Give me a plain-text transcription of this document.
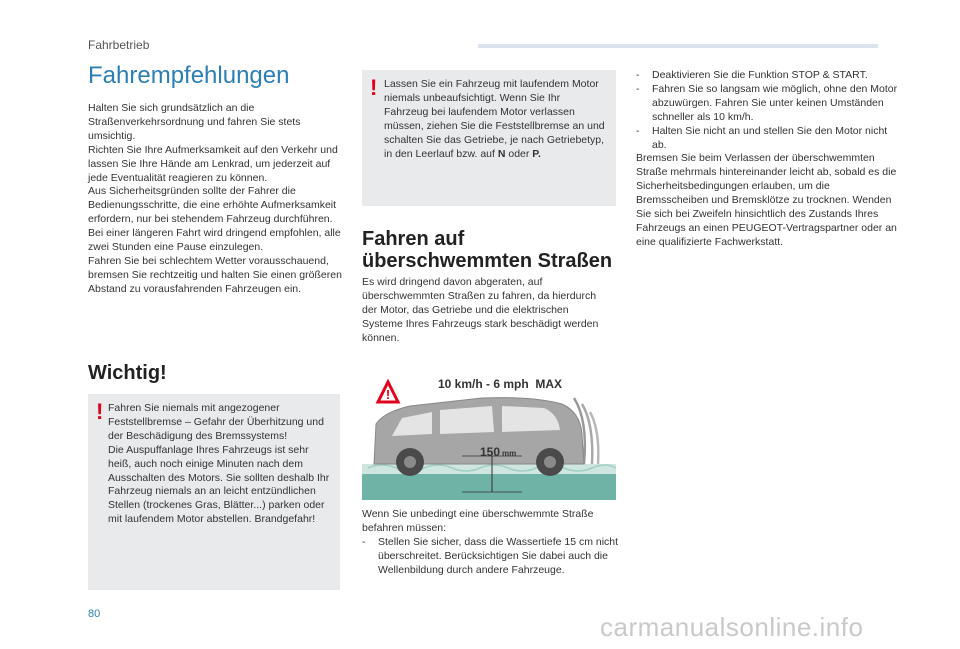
Fahrbetrieb
Fahrempfehlungen

Halten Sie sich grundsätzlich an die Straßenverkehrsordnung und fahren Sie stets umsichtig.

Richten Sie Ihre Aufmerksamkeit auf den Verkehr und lassen Sie Ihre Hände am Lenkrad, um jederzeit auf jede Eventualität reagieren zu können.

Aus Sicherheitsgründen sollte der Fahrer die Bedienungsschritte, die eine erhöhte Aufmerksamkeit erfordern, nur bei stehendem Fahrzeug durchführen.

Bei einer längeren Fahrt wird dringend empfohlen, alle zwei Stunden eine Pause einzulegen.

Fahren Sie bei schlechtem Wetter vorausschauend, bremsen Sie rechtzeitig und halten Sie einen größeren Abstand zu vorausfahrenden Fahrzeugen ein.

Wichtig!
! Fahren Sie niemals mit angezogener Feststellbremse – Gefahr der Überhitzung und der Beschädigung des Bremssystems!

Die Auspuffanlage Ihres Fahrzeugs ist sehr heiß, auch noch einige Minuten nach dem Ausschalten des Motors. Sie sollten deshalb Ihr Fahrzeug niemals an an leicht entzündlichen Stellen (trockenes Gras, Blätter...) parken oder mit laufendem Motor abstellen. Brandgefahr!

! Lassen Sie ein Fahrzeug mit laufendem Motor niemals unbeaufsichtigt. Wenn Sie Ihr Fahrzeug bei laufendem Motor verlassen müssen, ziehen Sie die Feststellbremse an und schalten Sie das Getriebe, je nach Getriebetyp, in den Leerlauf bzw. auf N oder P.

Fahren auf
überschwemmten Straßen

Es wird dringend davon abgeraten, auf überschwemmten Straßen zu fahren, da hierdurch der Motor, das Getriebe und die elektrischen Systeme Ihres Fahrzeugs stark beschädigt werden können.

!
10 km/h - 6 mph  MAX
150 mm

Wenn Sie unbedingt eine überschwemmte Straße befahren müssen:

- Stellen Sie sicher, dass die Wassertiefe 15 cm nicht überschreitet. Berücksichtigen Sie dabei auch die Wellenbildung durch andere Fahrzeuge.

- Deaktivieren Sie die Funktion STOP & START.

- Fahren Sie so langsam wie möglich, ohne den Motor abzuwürgen. Fahren Sie unter keinen Umständen schneller als 10 km/h.

- Halten Sie nicht an und stellen Sie den Motor nicht ab.

Bremsen Sie beim Verlassen der überschwemmten Straße mehrmals hintereinander leicht ab, sobald es die Sicherheitsbedingungen erlauben, um die Bremsscheiben und Bremsklötze zu trocknen. Wenden Sie sich bei Zweifeln hinsichtlich des Zustands Ihres Fahrzeugs an einen PEUGEOT-Vertragspartner oder an eine qualifizierte Fachwerkstatt.

80	carmanualsonline.info
